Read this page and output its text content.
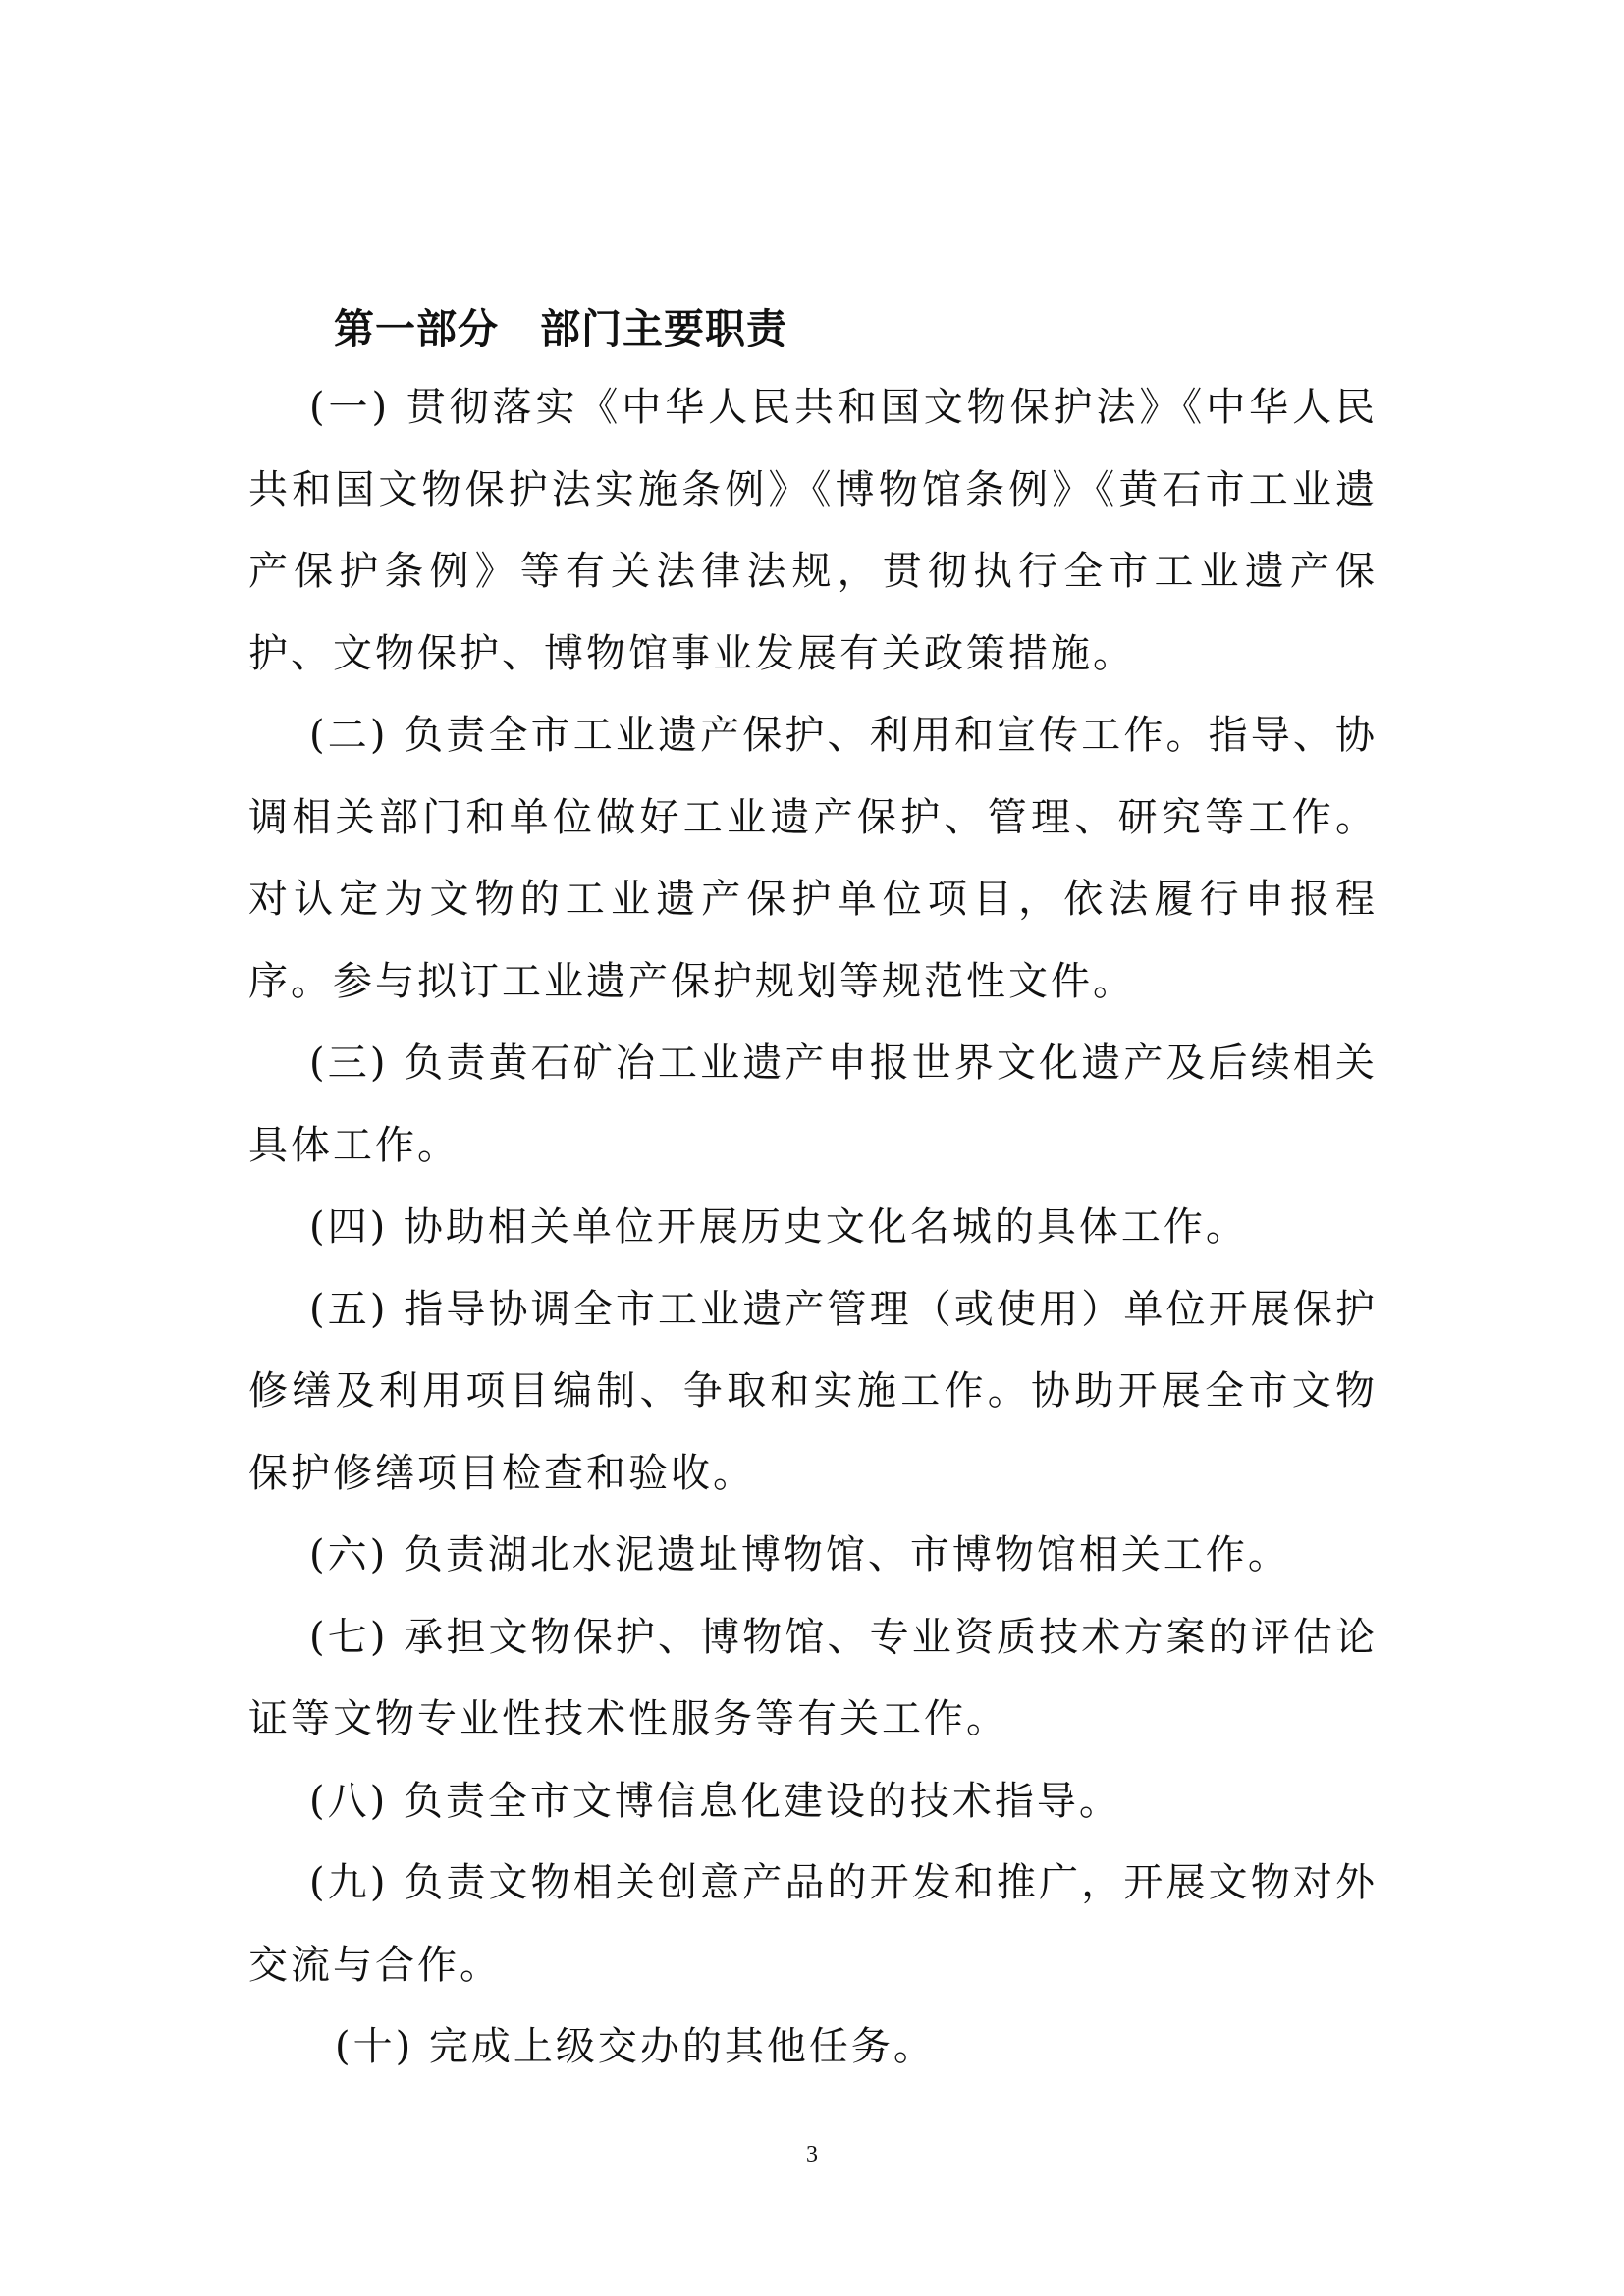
第一部分 部门主要职责

(一) 贯彻落实《中华人民共和国文物保护法》《中华人民共和国文物保护法实施条例》《博物馆条例》《黄石市工业遗产保护条例》等有关法律法规，贯彻执行全市工业遗产保护、文物保护、博物馆事业发展有关政策措施。

(二) 负责全市工业遗产保护、利用和宣传工作。指导、协调相关部门和单位做好工业遗产保护、管理、研究等工作。对认定为文物的工业遗产保护单位项目，依法履行申报程序。参与拟订工业遗产保护规划等规范性文件。

(三) 负责黄石矿冶工业遗产申报世界文化遗产及后续相关具体工作。

(四) 协助相关单位开展历史文化名城的具体工作。

(五) 指导协调全市工业遗产管理（或使用）单位开展保护修缮及利用项目编制、争取和实施工作。协助开展全市文物保护修缮项目检查和验收。

(六) 负责湖北水泥遗址博物馆、市博物馆相关工作。

(七) 承担文物保护、博物馆、专业资质技术方案的评估论证等文物专业性技术性服务等有关工作。

(八) 负责全市文博信息化建设的技术指导。

(九) 负责文物相关创意产品的开发和推广，开展文物对外交流与合作。

(十) 完成上级交办的其他任务。

3
